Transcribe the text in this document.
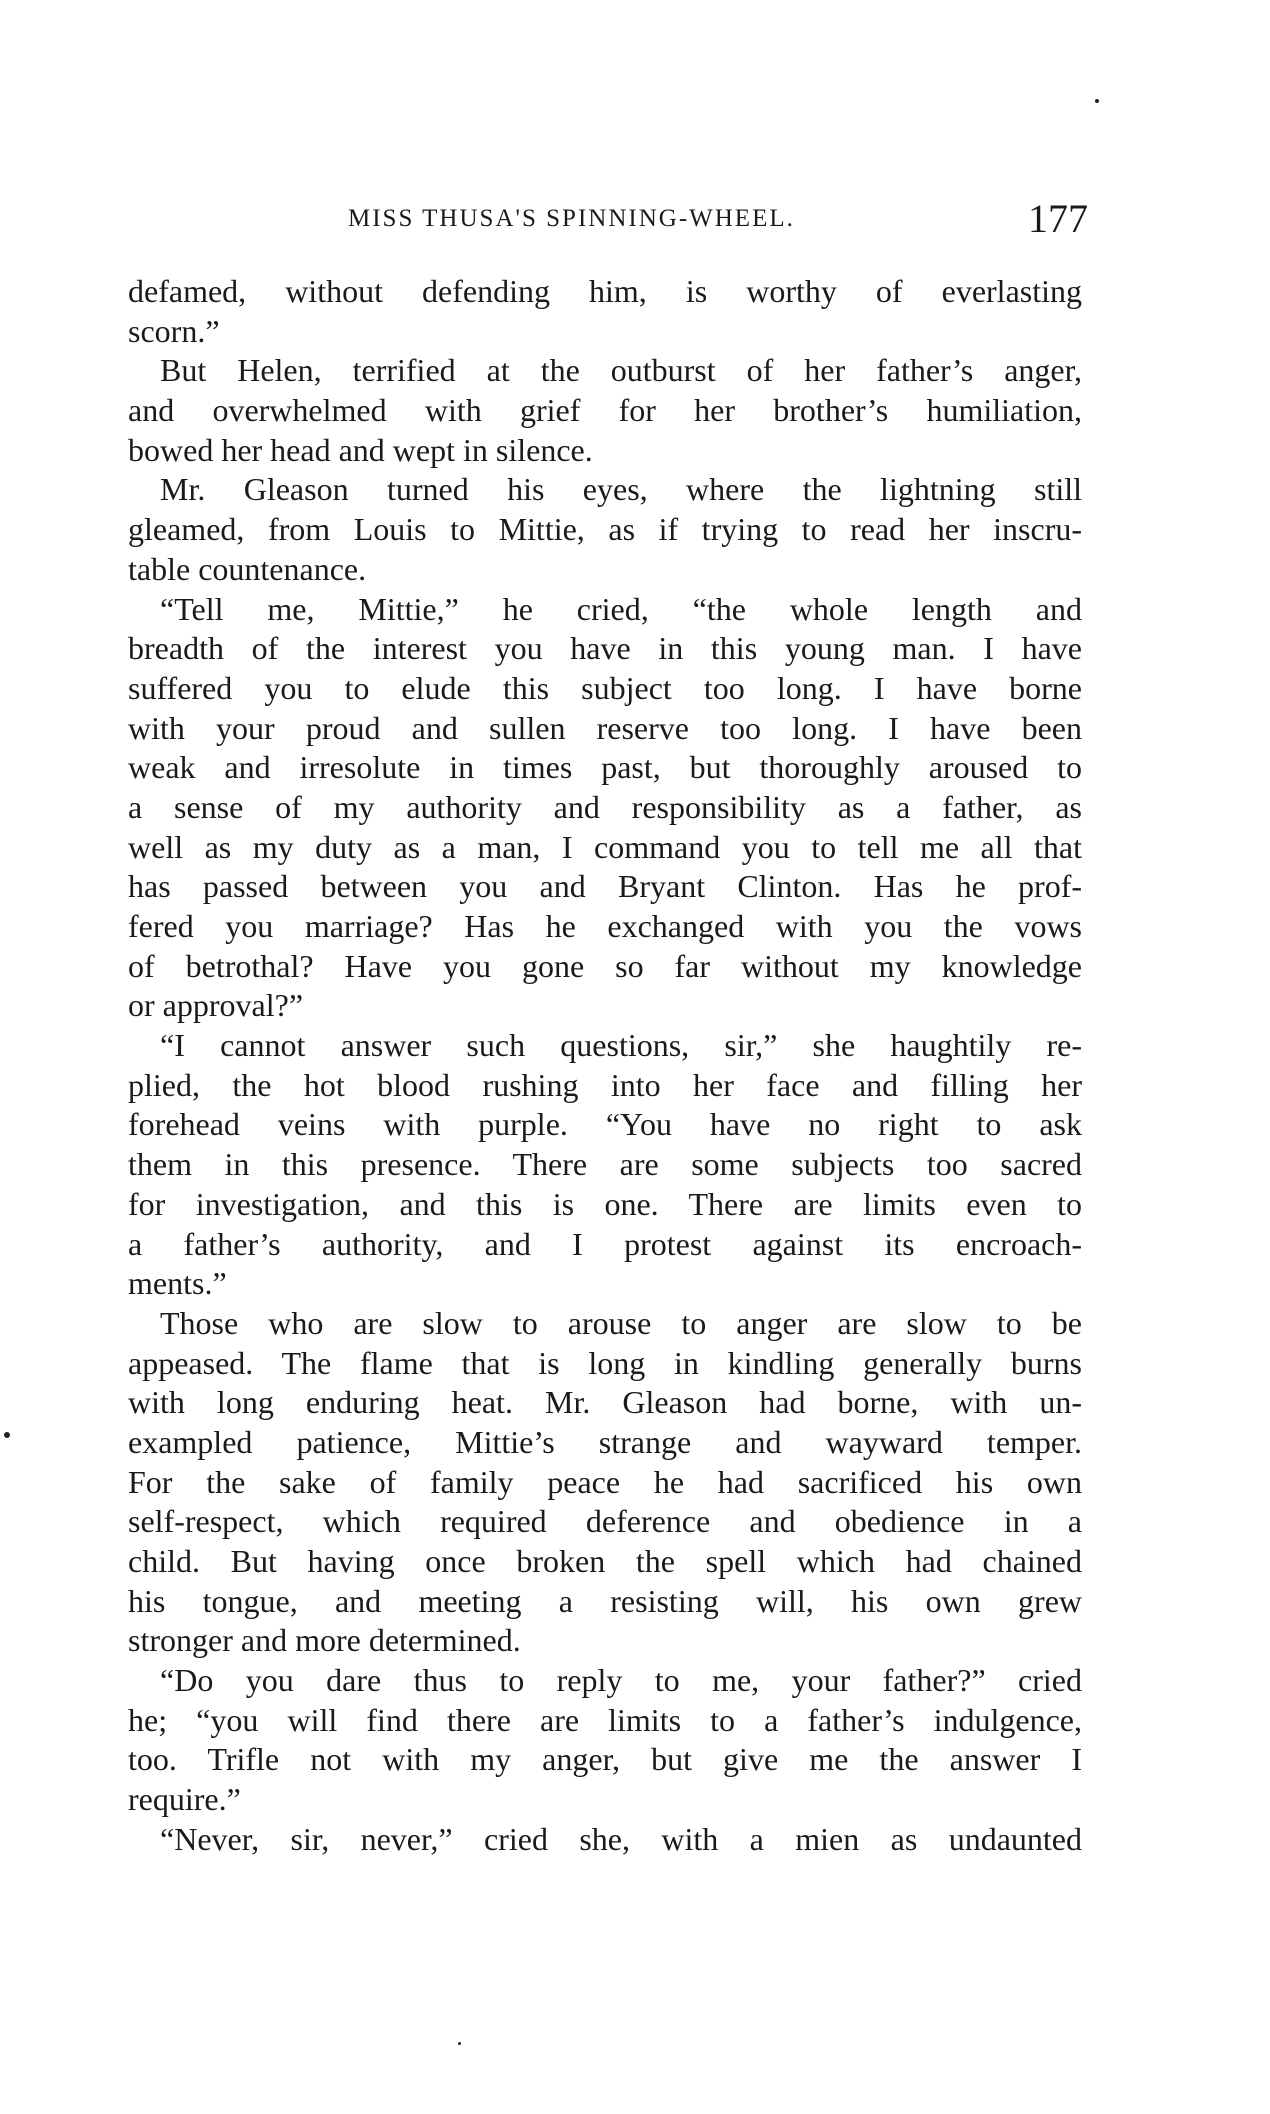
MISS THUSA'S SPINNING-WHEEL.	177
defamed, without defending him, is worthy of everlasting
scorn.”
But Helen, terrified at the outburst of her father’s anger,
and overwhelmed with grief for her brother’s humiliation,
bowed her head and wept in silence.
Mr. Gleason turned his eyes, where the lightning still
gleamed, from Louis to Mittie, as if trying to read her inscru-
table countenance.
“Tell me, Mittie,” he cried, “the whole length and
breadth of the interest you have in this young man. I have
suffered you to elude this subject too long. I have borne
with your proud and sullen reserve too long. I have been
weak and irresolute in times past, but thoroughly aroused to
a sense of my authority and responsibility as a father, as
well as my duty as a man, I command you to tell me all that
has passed between you and Bryant Clinton. Has he prof-
fered you marriage? Has he exchanged with you the vows
of betrothal? Have you gone so far without my knowledge
or approval?”
“I cannot answer such questions, sir,” she haughtily re-
plied, the hot blood rushing into her face and filling her
forehead veins with purple. “You have no right to ask
them in this presence. There are some subjects too sacred
for investigation, and this is one. There are limits even to
a father’s authority, and I protest against its encroach-
ments.”
Those who are slow to arouse to anger are slow to be
appeased. The flame that is long in kindling generally burns
with long enduring heat. Mr. Gleason had borne, with un-
exampled patience, Mittie’s strange and wayward temper.
For the sake of family peace he had sacrificed his own
self-respect, which required deference and obedience in a
child. But having once broken the spell which had chained
his tongue, and meeting a resisting will, his own grew
stronger and more determined.
“Do you dare thus to reply to me, your father?” cried
he; “you will find there are limits to a father’s indulgence,
too. Trifle not with my anger, but give me the answer I
require.”
“Never, sir, never,” cried she, with a mien as undaunted
